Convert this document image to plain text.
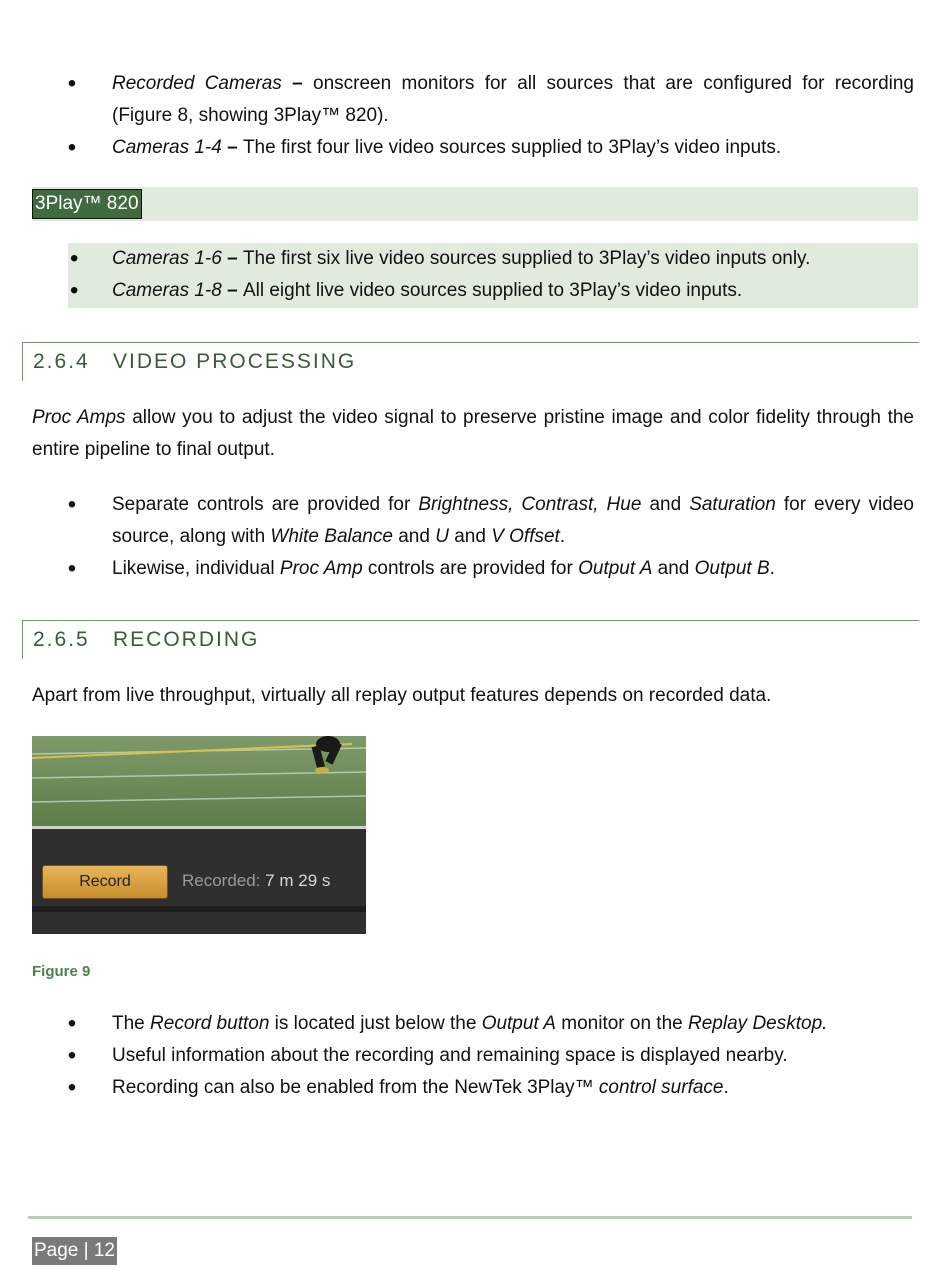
• Recorded Cameras – onscreen monitors for all sources that are configured for recording (Figure 8, showing 3Play™ 820).
• Cameras 1-4 – The first four live video sources supplied to 3Play’s video inputs.
3Play™ 820
• Cameras 1-6 – The first six live video sources supplied to 3Play’s video inputs only.
• Cameras 1-8 – All eight live video sources supplied to 3Play’s video inputs.
2.6.4 VIDEO PROCESSING

Proc Amps allow you to adjust the video signal to preserve pristine image and color fidelity through the entire pipeline to final output.

• Separate controls are provided for Brightness, Contrast, Hue and Saturation for every video source, along with White Balance and U and V Offset.
• Likewise, individual Proc Amp controls are provided for Output A and Output B.
2.6.5 RECORDING

Apart from live throughput, virtually all replay output features depends on recorded data.

Record	Recorded: 7 m 29 s
Figure 9
• The Record button is located just below the Output A monitor on the Replay Desktop.
• Useful information about the recording and remaining space is displayed nearby.
• Recording can also be enabled from the NewTek 3Play™ control surface.
Page | 12
